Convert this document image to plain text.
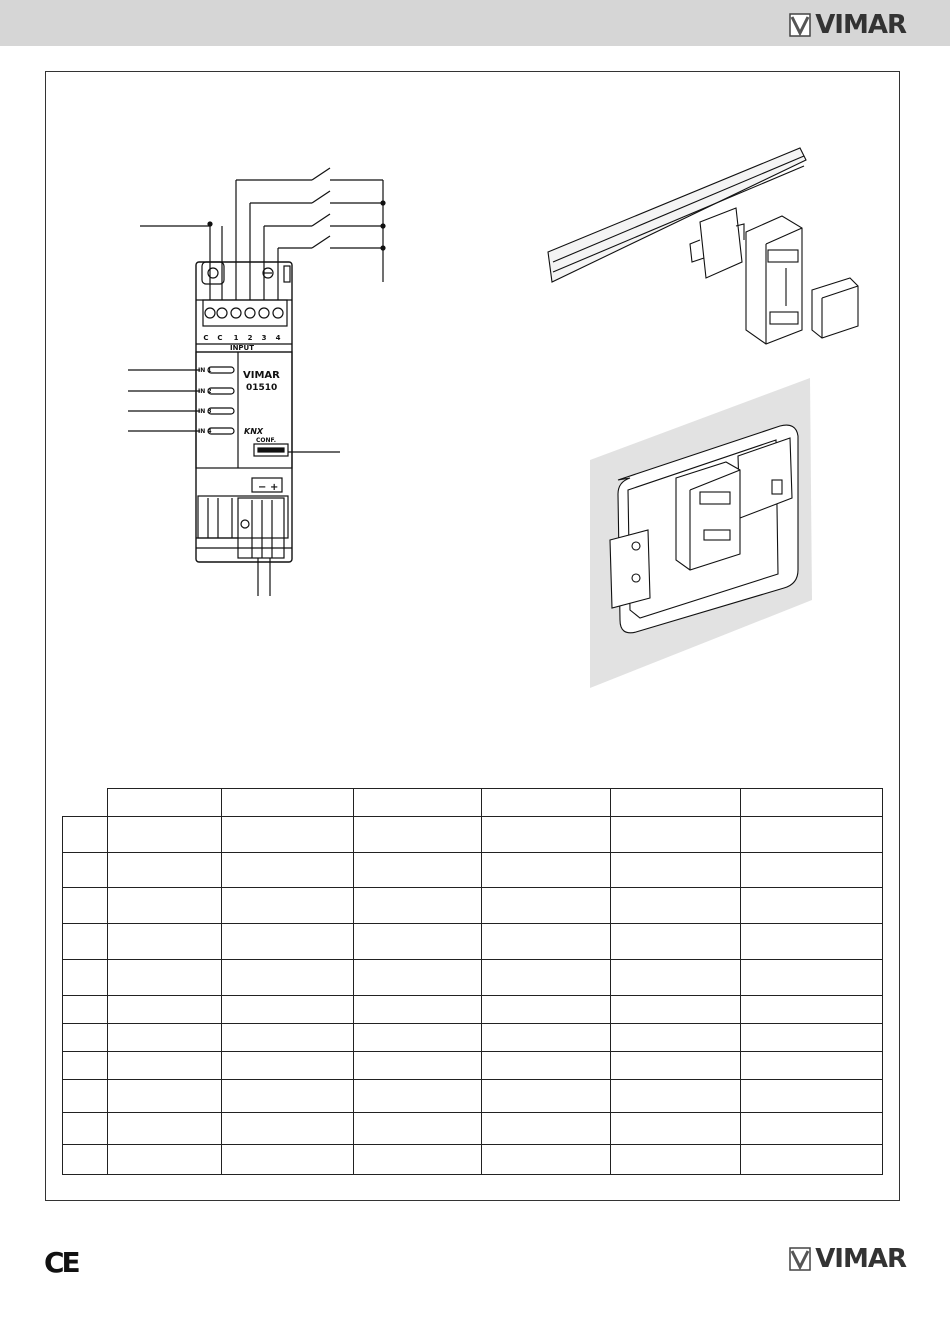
VIMAR
C C 1 2 3 4
INPUT
IN 1
IN 2
IN 3
IN 4
VIMAR
01510
KNX
CONF.
− +

CE	VIMAR
